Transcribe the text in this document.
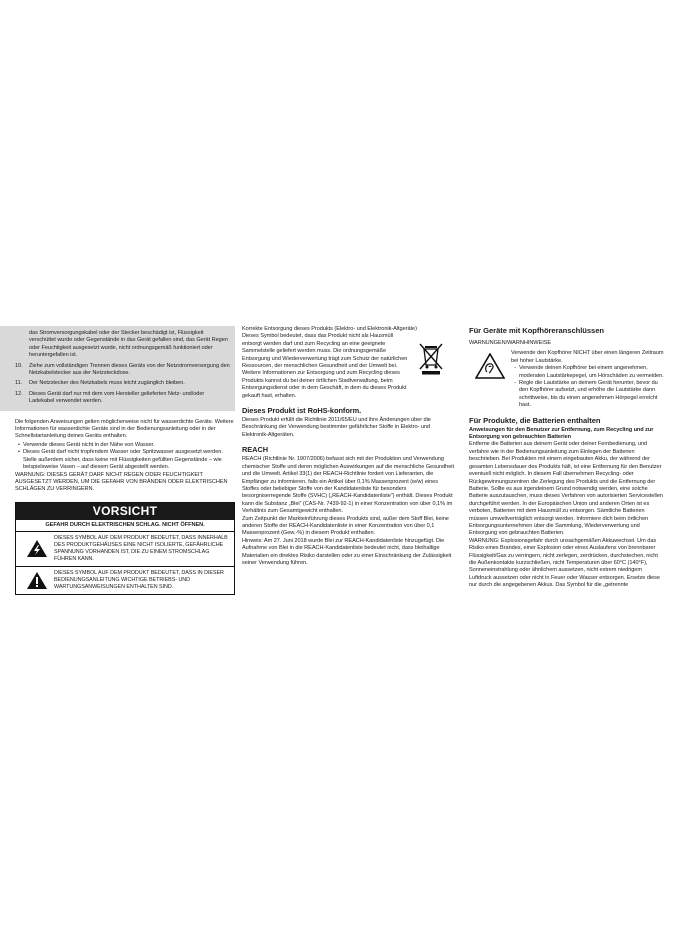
das Stromversorgungskabel oder der Stecker beschädigt ist, Flüssigkeit verschüttet wurde oder Gegenstände in das Gerät gefallen sind, das Gerät Regen oder Feuchtigkeit ausgesetzt wurde, nicht ordnungsgemäß funktioniert oder heruntergefallen ist.

10.	Ziehe zum vollständigen Trennen dieses Geräts von der Netzstromversorgung den Netzkabelstecker aus der Netzsteckdose.
11.	Der Netzstecker des Netzkabels muss leicht zugänglich bleiben.
12.	Dieses Gerät darf nur mit dem vom Hersteller gelieferten Netz- und/oder Ladekabel verwendet werden.

Die folgenden Anweisungen gelten möglicherweise nicht für wasserdichte Geräte. Weitere Informationen für wasserdichte Geräte sind in der Bedienungsanleitung oder in der Schnellstartanleitung deines Geräts enthalten.

• Verwende dieses Gerät nicht in der Nähe von Wasser.
• Dieses Gerät darf nicht tropfendem Wasser oder Spritzwasser ausgesetzt werden. Stelle außerdem sicher, dass keine mit Flüssigkeiten gefüllten Gegenstände – wie beispielsweise Vasen – auf diesem Gerät abgestellt werden.

WARNUNG: DIESES GERÄT DARF NICHT REGEN ODER FEUCHTIGKEIT AUSGESETZT WERDEN, UM DIE GEFAHR VON BRÄNDEN ODER ELEKTRISCHEN SCHLÄGEN ZU VERRINGERN.

VORSICHT
GEFAHR DURCH ELEKTRISCHEN SCHLAG. NICHT ÖFFNEN.
DIESES SYMBOL AUF DEM PRODUKT BEDEUTET, DASS INNERHALB DES PRODUKTGEHÄUSES EINE NICHT ISOLIERTE, GEFÄHRLICHE SPANNUNG VORHANDEN IST, DIE ZU EINEM STROMSCHLAG FÜHREN KANN.
DIESES SYMBOL AUF DEM PRODUKT BEDEUTET, DASS IN DIESER BEDIENUNGSANLEITUNG WICHTIGE BETRIEBS- UND WARTUNGSANWEISUNGEN ENTHALTEN SIND.

Korrekte Entsorgung dieses Produkts (Elektro- und Elektronik-Altgeräte)

Dieses Symbol bedeutet, dass das Produkt nicht als Hausmüll entsorgt werden darf und zum Recycling an eine geeignete Sammelstelle geliefert werden muss. Die ordnungsgemäße Entsorgung und Wiederverwertung trägt zum Schutz der natürlichen Ressourcen, der menschlichen Gesundheit und der Umwelt bei. Weitere Informationen zur Entsorgung und zum Recycling dieses Produkts kannst du bei deiner örtlichen Stadtverwaltung, beim Entsorgungsdienst oder in dem Geschäft, in dem du dieses Produkt gekauft hast, erhalten.

Dieses Produkt ist RoHS-konform.

Dieses Produkt erfüllt die Richtlinie 2011/65/EU und ihre Änderungen über die Beschränkung der Verwendung bestimmter gefährlicher Stoffe in Elektro- und Elektronik-Altgeräten.

REACH

REACH (Richtlinie Nr. 1907/2006) befasst sich mit der Produktion und Verwendung chemischer Stoffe und deren möglichen Auswirkungen auf die menschliche Gesundheit und die Umwelt. Artikel 33(1) der REACH-Richtlinie fordert von Lieferanten, die Empfänger zu informieren, falls ein Artikel über 0,1% Massenprozent (w/w) eines Stoffes oder beliebiger Stoffe von der Kandidatenliste für besonders besorgniserregende Stoffe (SVHC) („REACH-Kandidatenliste“) enthält. Dieses Produkt kann die Substanz „Blei“ (CAS-Nr. 7439-92-1) in einer Konzentration von über 0,1% im Verhältnis zum Gesamtgewicht enthalten.

Zum Zeitpunkt der Markteinführung dieses Produkts sind, außer dem Stoff Blei, keine anderen Stoffe der REACH-Kandidatenliste in einer Konzentration von über 0,1 Massenprozent (Gew.-%) in diesem Produkt enthalten.

Hinweis: Am 27. Juni 2018 wurde Blei zur REACH-Kandidatenliste hinzugefügt. Die Aufnahme von Blei in die REACH-Kandidatenliste bedeutet nicht, dass bleihaltige Materialien ein direktes Risiko darstellen oder zu einer Einschränkung der Zulässigkeit seiner Verwendung führen.

Für Geräte mit Kopfhöreranschlüssen

WARNUNGEN/WARNHINWEISE

Verwende den Kopfhörer NICHT über einen längeren Zeitraum bei hoher Lautstärke.

- Verwende deinen Kopfhörer bei einem angenehmen, moderaten Lautstärkepegel, um Hörschäden zu vermeiden.
- Regle die Lautstärke an deinem Gerät herunter, bevor du den Kopfhörer aufsetzt, und erhöhe die Lautstärke dann schrittweise, bis du einen angenehmen Hörpegel erreicht hast.
Für Produkte, die Batterien enthalten

Anweisungen für den Benutzer zur Entfernung, zum Recycling und zur Entsorgung von gebrauchten Batterien

Entferne die Batterien aus deinem Gerät oder deiner Fernbedienung, und verfahre wie in der Bedienungsanleitung zum Einlegen der Batterien beschrieben. Bei Produkten mit einem eingebauten Akku, der während der gesamten Lebensdauer des Produkts hält, ist eine Entfernung für den Benutzer eventuell nicht möglich. In diesem Fall übernehmen Recycling- oder Rückgewinnungszentren die Zerlegung des Produkts und die Entfernung der Batterie. Sollte es aus irgendeinem Grund notwendig werden, eine solche Batterie auszutauschen, muss dieses Verfahren von autorisierten Servicestellen durchgeführt werden. In der Europäischen Union und anderen Orten ist es verboten, Batterien mit dem Hausmüll zu entsorgen. Sämtliche Batterien müssen umweltverträglich entsorgt werden. Informiere dich beim örtlichen Entsorgungsunternehmen über die Sammlung, Wiederverwertung und Entsorgung von gebrauchten Batterien.

WARNUNG: Explosionsgefahr durch unsachgemäßen Akkuwechsel. Um das Risiko eines Brandes, einer Explosion oder eines Auslaufens von brennbarer Flüssigkeit/Gas zu verringern, nicht zerlegen, zerdrücken, durchstechen, nicht die Außenkontakte kurzschließen, nicht Temperaturen über 60°C (140°F), Sonneneinstrahlung oder ähnlichem aussetzen, nicht extrem niedrigem Luftdruck aussetzen oder nicht in Feuer oder Wasser entsorgen. Ersetze diese nur durch die angegebenen Akkus. Das Symbol für die „getrennte
